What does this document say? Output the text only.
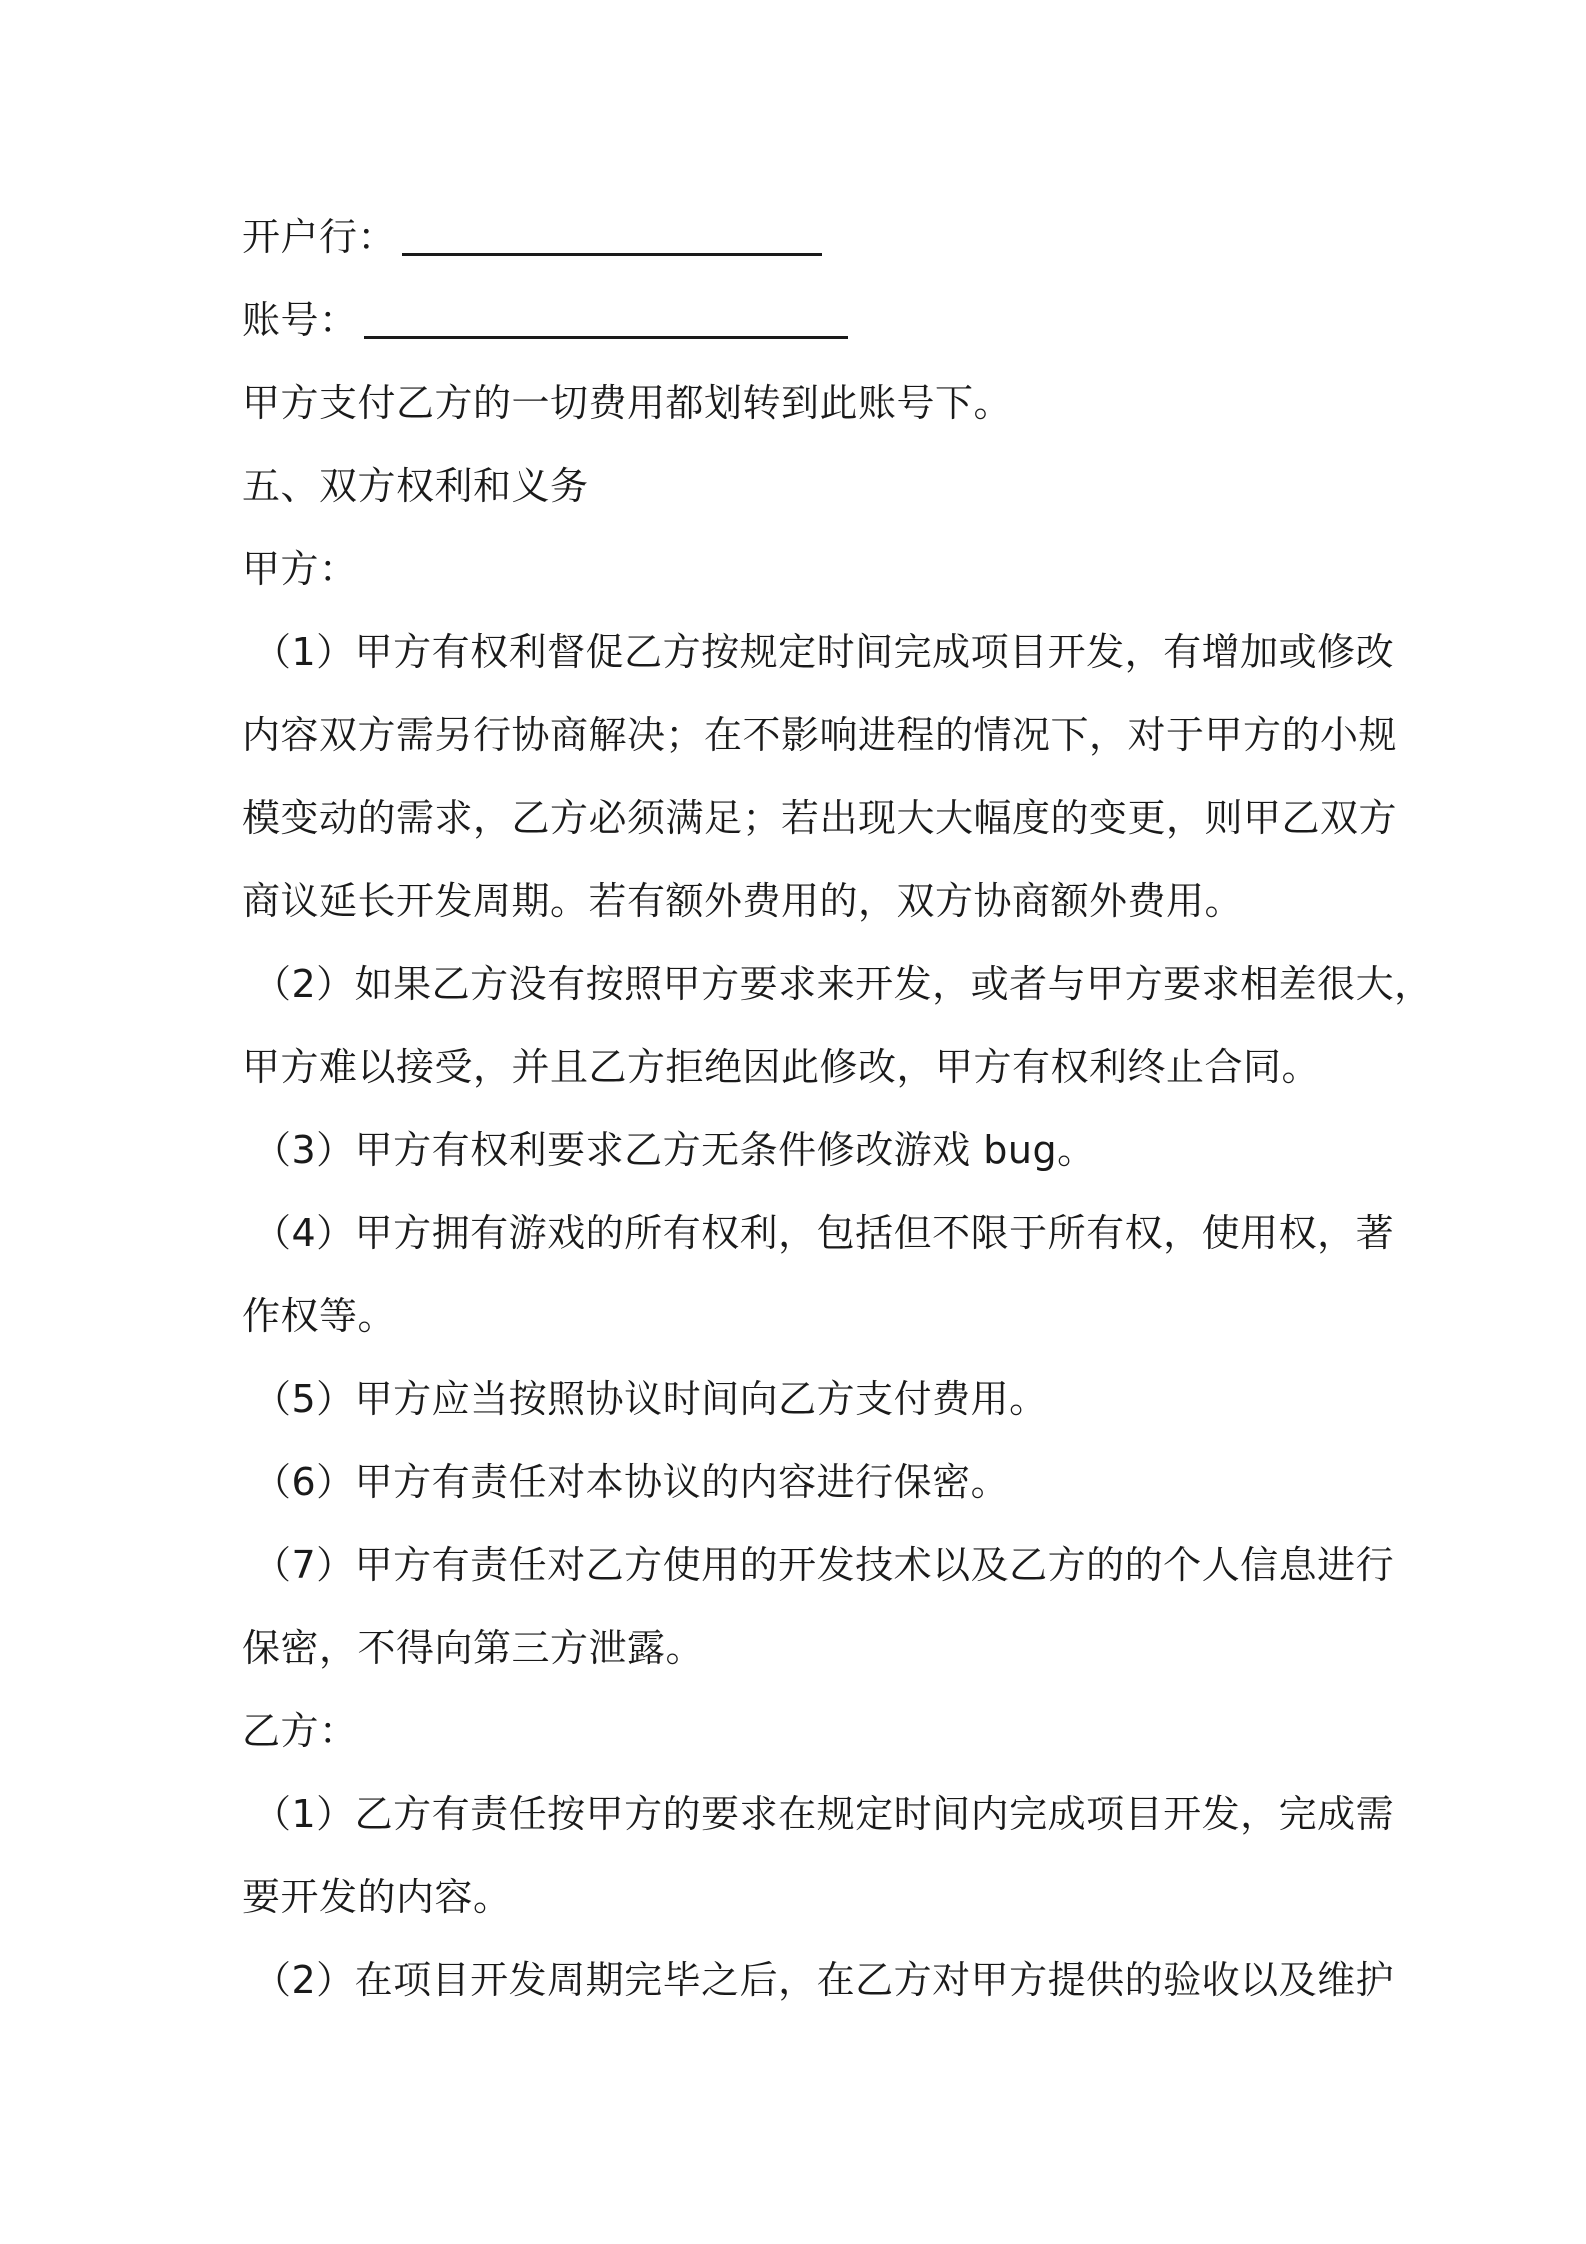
开户行：
账号：
甲方支付乙方的一切费用都划转到此账号下。
五、双方权利和义务
甲方：
（1）甲方有权利督促乙方按规定时间完成项目开发，有增加或修改
内容双方需另行协商解决；在不影响进程的情况下，对于甲方的小规
模变动的需求，乙方必须满足；若出现大大幅度的变更，则甲乙双方
商议延长开发周期。若有额外费用的，双方协商额外费用。
（2）如果乙方没有按照甲方要求来开发，或者与甲方要求相差很大，
甲方难以接受，并且乙方拒绝因此修改，甲方有权利终止合同。
（3）甲方有权利要求乙方无条件修改游戏 bug。
（4）甲方拥有游戏的所有权利，包括但不限于所有权，使用权，著
作权等。
（5）甲方应当按照协议时间向乙方支付费用。
（6）甲方有责任对本协议的内容进行保密。
（7）甲方有责任对乙方使用的开发技术以及乙方的的个人信息进行
保密，不得向第三方泄露。
乙方：
（1）乙方有责任按甲方的要求在规定时间内完成项目开发，完成需
要开发的内容。
（2）在项目开发周期完毕之后，在乙方对甲方提供的验收以及维护
